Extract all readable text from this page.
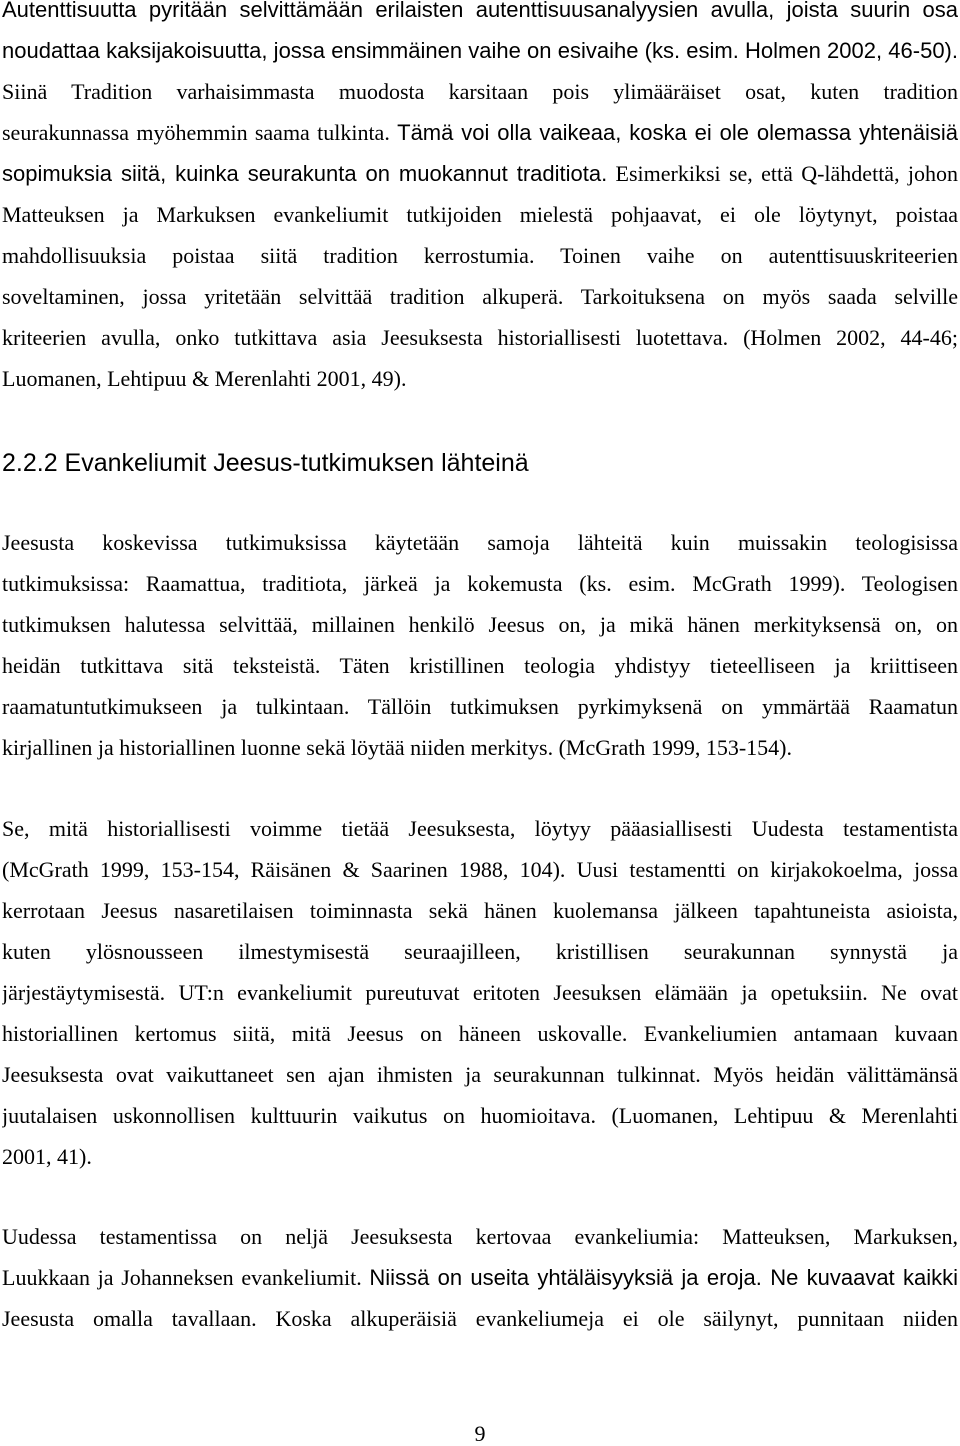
Autenttisuutta pyritään selvittämään erilaisten autenttisuusanalyysien avulla, joista suurin osa
noudattaa kaksijakoisuutta, jossa ensimmäinen vaihe on esivaihe (ks. esim. Holmen 2002, 46-50).
Siinä Tradition varhaisimmasta muodosta karsitaan pois ylimääräiset osat, kuten tradition
seurakunnassa myöhemmin saama tulkinta. Tämä voi olla vaikeaa, koska ei ole olemassa yhtenäisiä
sopimuksia siitä, kuinka seurakunta on muokannut traditiota. Esimerkiksi se, että Q-lähdettä, johon
Matteuksen ja Markuksen evankeliumit tutkijoiden mielestä pohjaavat, ei ole löytynyt, poistaa
mahdollisuuksia poistaa siitä tradition kerrostumia. Toinen vaihe on autenttisuuskriteerien
soveltaminen, jossa yritetään selvittää tradition alkuperä. Tarkoituksena on myös saada selville
kriteerien avulla, onko tutkittava asia Jeesuksesta historiallisesti luotettava. (Holmen 2002, 44-46;
Luomanen, Lehtipuu & Merenlahti 2001, 49).
2.2.2 Evankeliumit Jeesus-tutkimuksen lähteinä
Jeesusta koskevissa tutkimuksissa käytetään samoja lähteitä kuin muissakin teologisissa
tutkimuksissa: Raamattua, traditiota, järkeä ja kokemusta (ks. esim. McGrath 1999). Teologisen
tutkimuksen halutessa selvittää, millainen henkilö Jeesus on, ja mikä hänen merkityksensä on, on
heidän tutkittava sitä teksteistä. Täten kristillinen teologia yhdistyy tieteelliseen ja kriittiseen
raamatuntutkimukseen ja tulkintaan. Tällöin tutkimuksen pyrkimyksenä on ymmärtää Raamatun
kirjallinen ja historiallinen luonne sekä löytää niiden merkitys. (McGrath 1999, 153-154).
Se, mitä historiallisesti voimme tietää Jeesuksesta, löytyy pääasiallisesti Uudesta testamentista
(McGrath 1999, 153-154, Räisänen & Saarinen 1988, 104). Uusi testamentti on kirjakokoelma, jossa
kerrotaan Jeesus nasaretilaisen toiminnasta sekä hänen kuolemansa jälkeen tapahtuneista asioista,
kuten ylösnousseen ilmestymisestä seuraajilleen, kristillisen seurakunnan synnystä ja
järjestäytymisestä. UT:n evankeliumit pureutuvat eritoten Jeesuksen elämään ja opetuksiin. Ne ovat
historiallinen kertomus siitä, mitä Jeesus on häneen uskovalle. Evankeliumien antamaan kuvaan
Jeesuksesta ovat vaikuttaneet sen ajan ihmisten ja seurakunnan tulkinnat. Myös heidän välittämänsä
juutalaisen uskonnollisen kulttuurin vaikutus on huomioitava. (Luomanen, Lehtipuu & Merenlahti
2001, 41).
Uudessa testamentissa on neljä Jeesuksesta kertovaa evankeliumia: Matteuksen, Markuksen,
Luukkaan ja Johanneksen evankeliumit. Niissä on useita yhtäläisyyksiä ja eroja. Ne kuvaavat kaikki
Jeesusta omalla tavallaan. Koska alkuperäisiä evankeliumeja ei ole säilynyt, punnitaan niiden
9
